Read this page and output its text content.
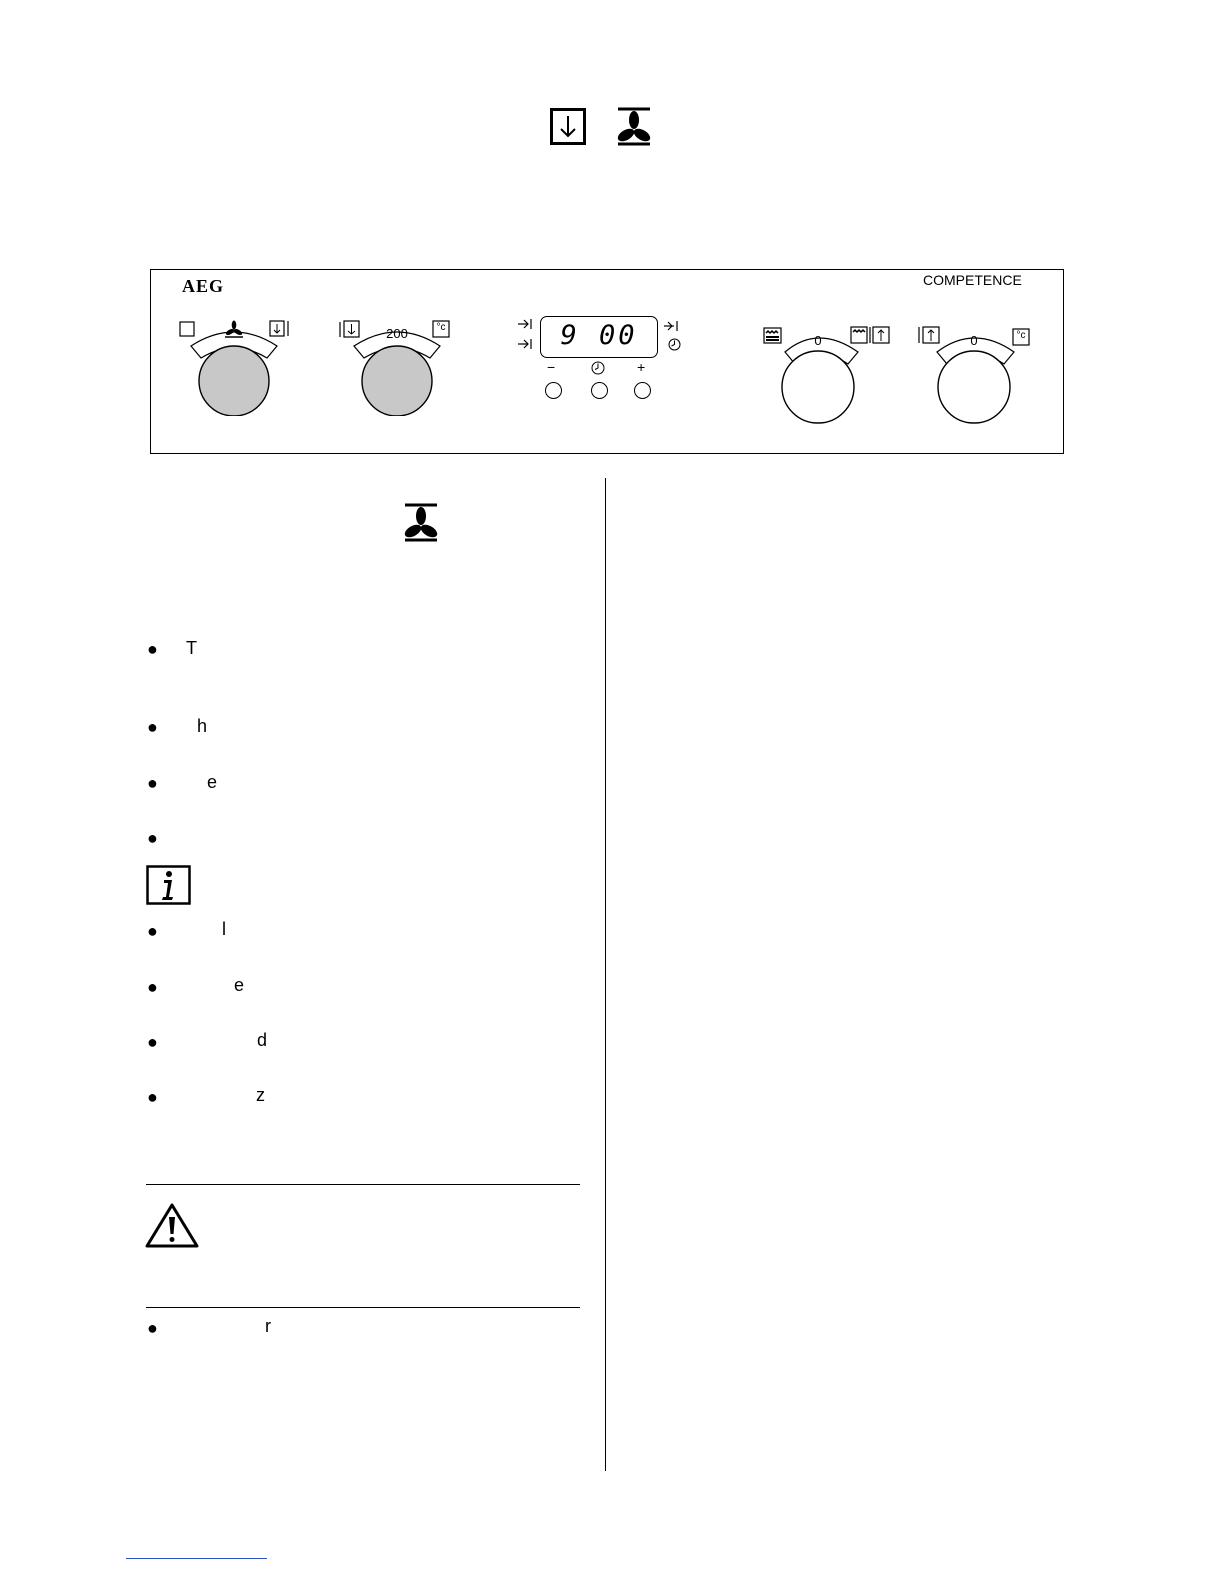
AEG	COMPETENCE
200	°c	9 00
−	+
0	0	°c
● T
● h
●	e
●
●	l
●	e
●	d
●	z
●	r
